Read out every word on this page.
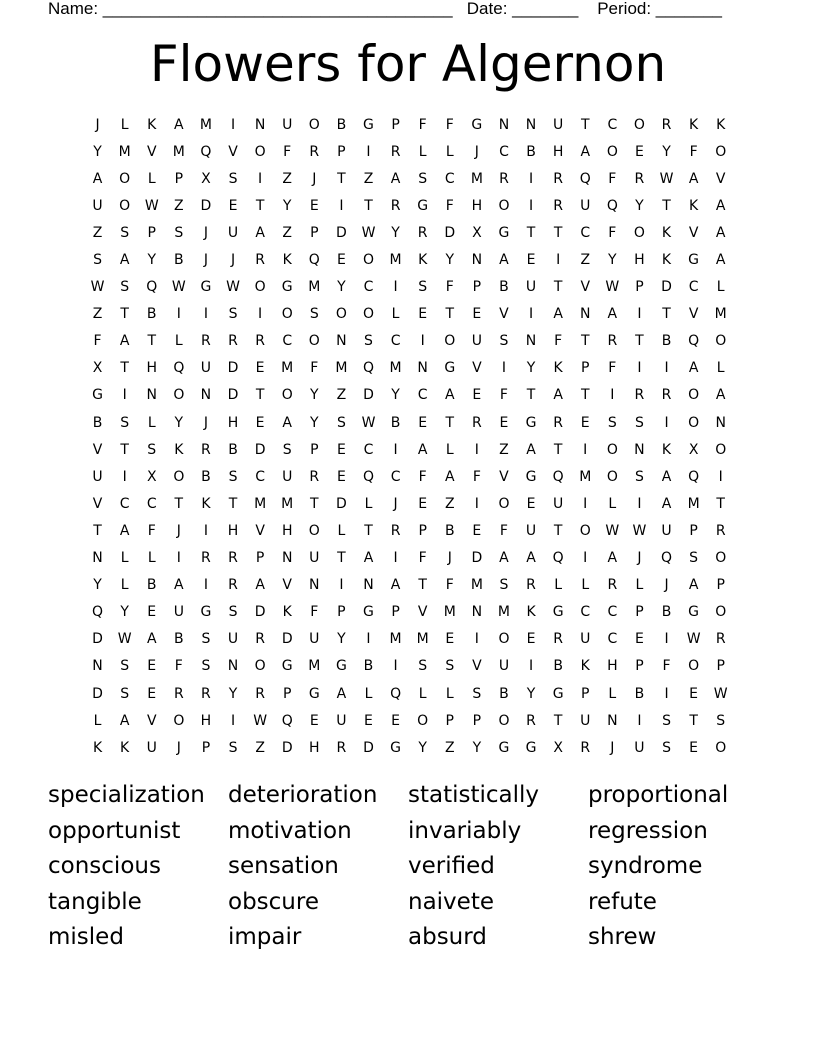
Name: _____________________________________   Date: _______    Period: _______
Flowers for Algernon
J	L	K	A	M	I	N	U	O	B	G	P	F	F	G	N	N	U	T	C	O	R	K	K
Y	M	V	M	Q	V	O	F	R	P	I	R	L	L	J	C	B	H	A	O	E	Y	F	O
A	O	L	P	X	S	I	Z	J	T	Z	A	S	C	M	R	I	R	Q	F	R	W	A	V
U	O	W	Z	D	E	T	Y	E	I	T	R	G	F	H	O	I	R	U	Q	Y	T	K	A
Z	S	P	S	J	U	A	Z	P	D	W	Y	R	D	X	G	T	T	C	F	O	K	V	A
S	A	Y	B	J	J	R	K	Q	E	O	M	K	Y	N	A	E	I	Z	Y	H	K	G	A
W	S	Q	W	G	W	O	G	M	Y	C	I	S	F	P	B	U	T	V	W	P	D	C	L
Z	T	B	I	I	S	I	O	S	O	O	L	E	T	E	V	I	A	N	A	I	T	V	M
F	A	T	L	R	R	R	C	O	N	S	C	I	O	U	S	N	F	T	R	T	B	Q	O
X	T	H	Q	U	D	E	M	F	M	Q	M	N	G	V	I	Y	K	P	F	I	I	A	L
G	I	N	O	N	D	T	O	Y	Z	D	Y	C	A	E	F	T	A	T	I	R	R	O	A
B	S	L	Y	J	H	E	A	Y	S	W	B	E	T	R	E	G	R	E	S	S	I	O	N
V	T	S	K	R	B	D	S	P	E	C	I	A	L	I	Z	A	T	I	O	N	K	X	O
U	I	X	O	B	S	C	U	R	E	Q	C	F	A	F	V	G	Q	M	O	S	A	Q	I
V	C	C	T	K	T	M	M	T	D	L	J	E	Z	I	O	E	U	I	L	I	A	M	T
T	A	F	J	I	H	V	H	O	L	T	R	P	B	E	F	U	T	O	W W	U	P	R
N	L	L	I	R	R	P	N	U	T	A	I	F	J	D	A	A	Q	I	A	J	Q	S	O
Y	L	B	A	I	R	A	V	N	I	N	A	T	F	M	S	R	L	L	R	L	J	A	P
Q	Y	E	U	G	S	D	K	F	P	G	P	V	M	N	M	K	G	C	C	P	B	G	O
D	W	A	B	S	U	R	D	U	Y	I	M	M	E	I	O	E	R	U	C	E	I	W	R
N	S	E	F	S	N	O	G	M	G	B	I	S	S	V	U	I	B	K	H	P	F	O	P
D	S	E	R	R	Y	R	P	G	A	L	Q	L	L	S	B	Y	G	P	L	B	I	E	W
L	A	V	O	H	I	W	Q	E	U	E	E	O	P	P	O	R	T	U	N	I	S	T	S
K	K	U	J	P	S	Z	D	H	R	D	G	Y	Z	Y	G	G	X	R	J	U	S	E	O
specialization	deterioration	statistically	proportional
opportunist	motivation	invariably	regression
conscious	sensation	verified	syndrome
tangible	obscure	naivete	refute
misled	impair	absurd	shrew
